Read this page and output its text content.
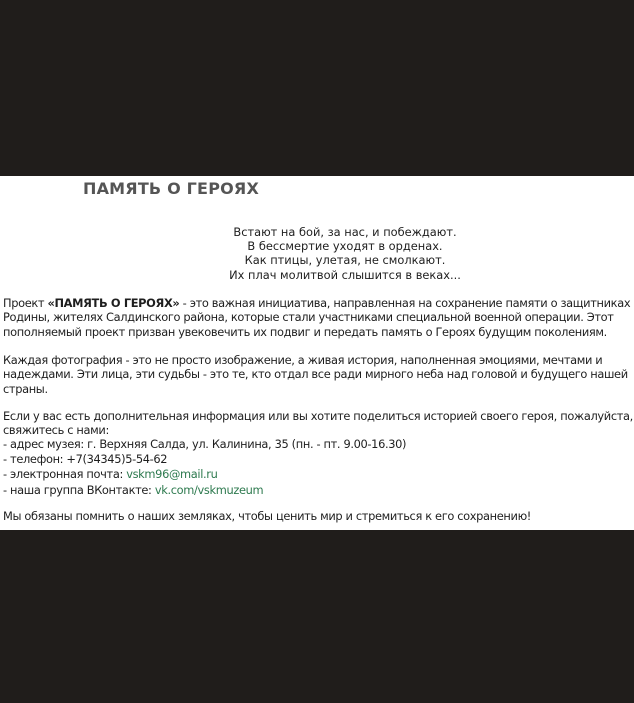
ПАМЯТЬ О ГЕРОЯХ
Встают на бой, за нас, и побеждают.
В бессмертие уходят в орденах.
Как птицы, улетая, не смолкают.
Их плач молитвой слышится в веках...
Проект «ПАМЯТЬ О ГЕРОЯХ» - это важная инициатива, направленная на сохранение памяти о защитниках
Родины, жителях Салдинского района, которые стали участниками специальной военной операции. Этот
пополняемый проект призван увековечить их подвиг и передать память о Героях будущим поколениям.
Каждая фотография - это не просто изображение, а живая история, наполненная эмоциями, мечтами и
надеждами. Эти лица, эти судьбы - это те, кто отдал все ради мирного неба над головой и будущего нашей
страны.
Если у вас есть дополнительная информация или вы хотите поделиться историей своего героя, пожалуйста,
свяжитесь с нами:
- адрес музея: г. Верхняя Салда, ул. Калинина, 35 (пн. - пт. 9.00-16.30)
- телефон: +7(34345)5-54-62
- электронная почта: vskm96@mail.ru
- наша группа ВКонтакте: vk.com/vskmuzeum
Мы обязаны помнить о наших земляках, чтобы ценить мир и стремиться к его сохранению!
